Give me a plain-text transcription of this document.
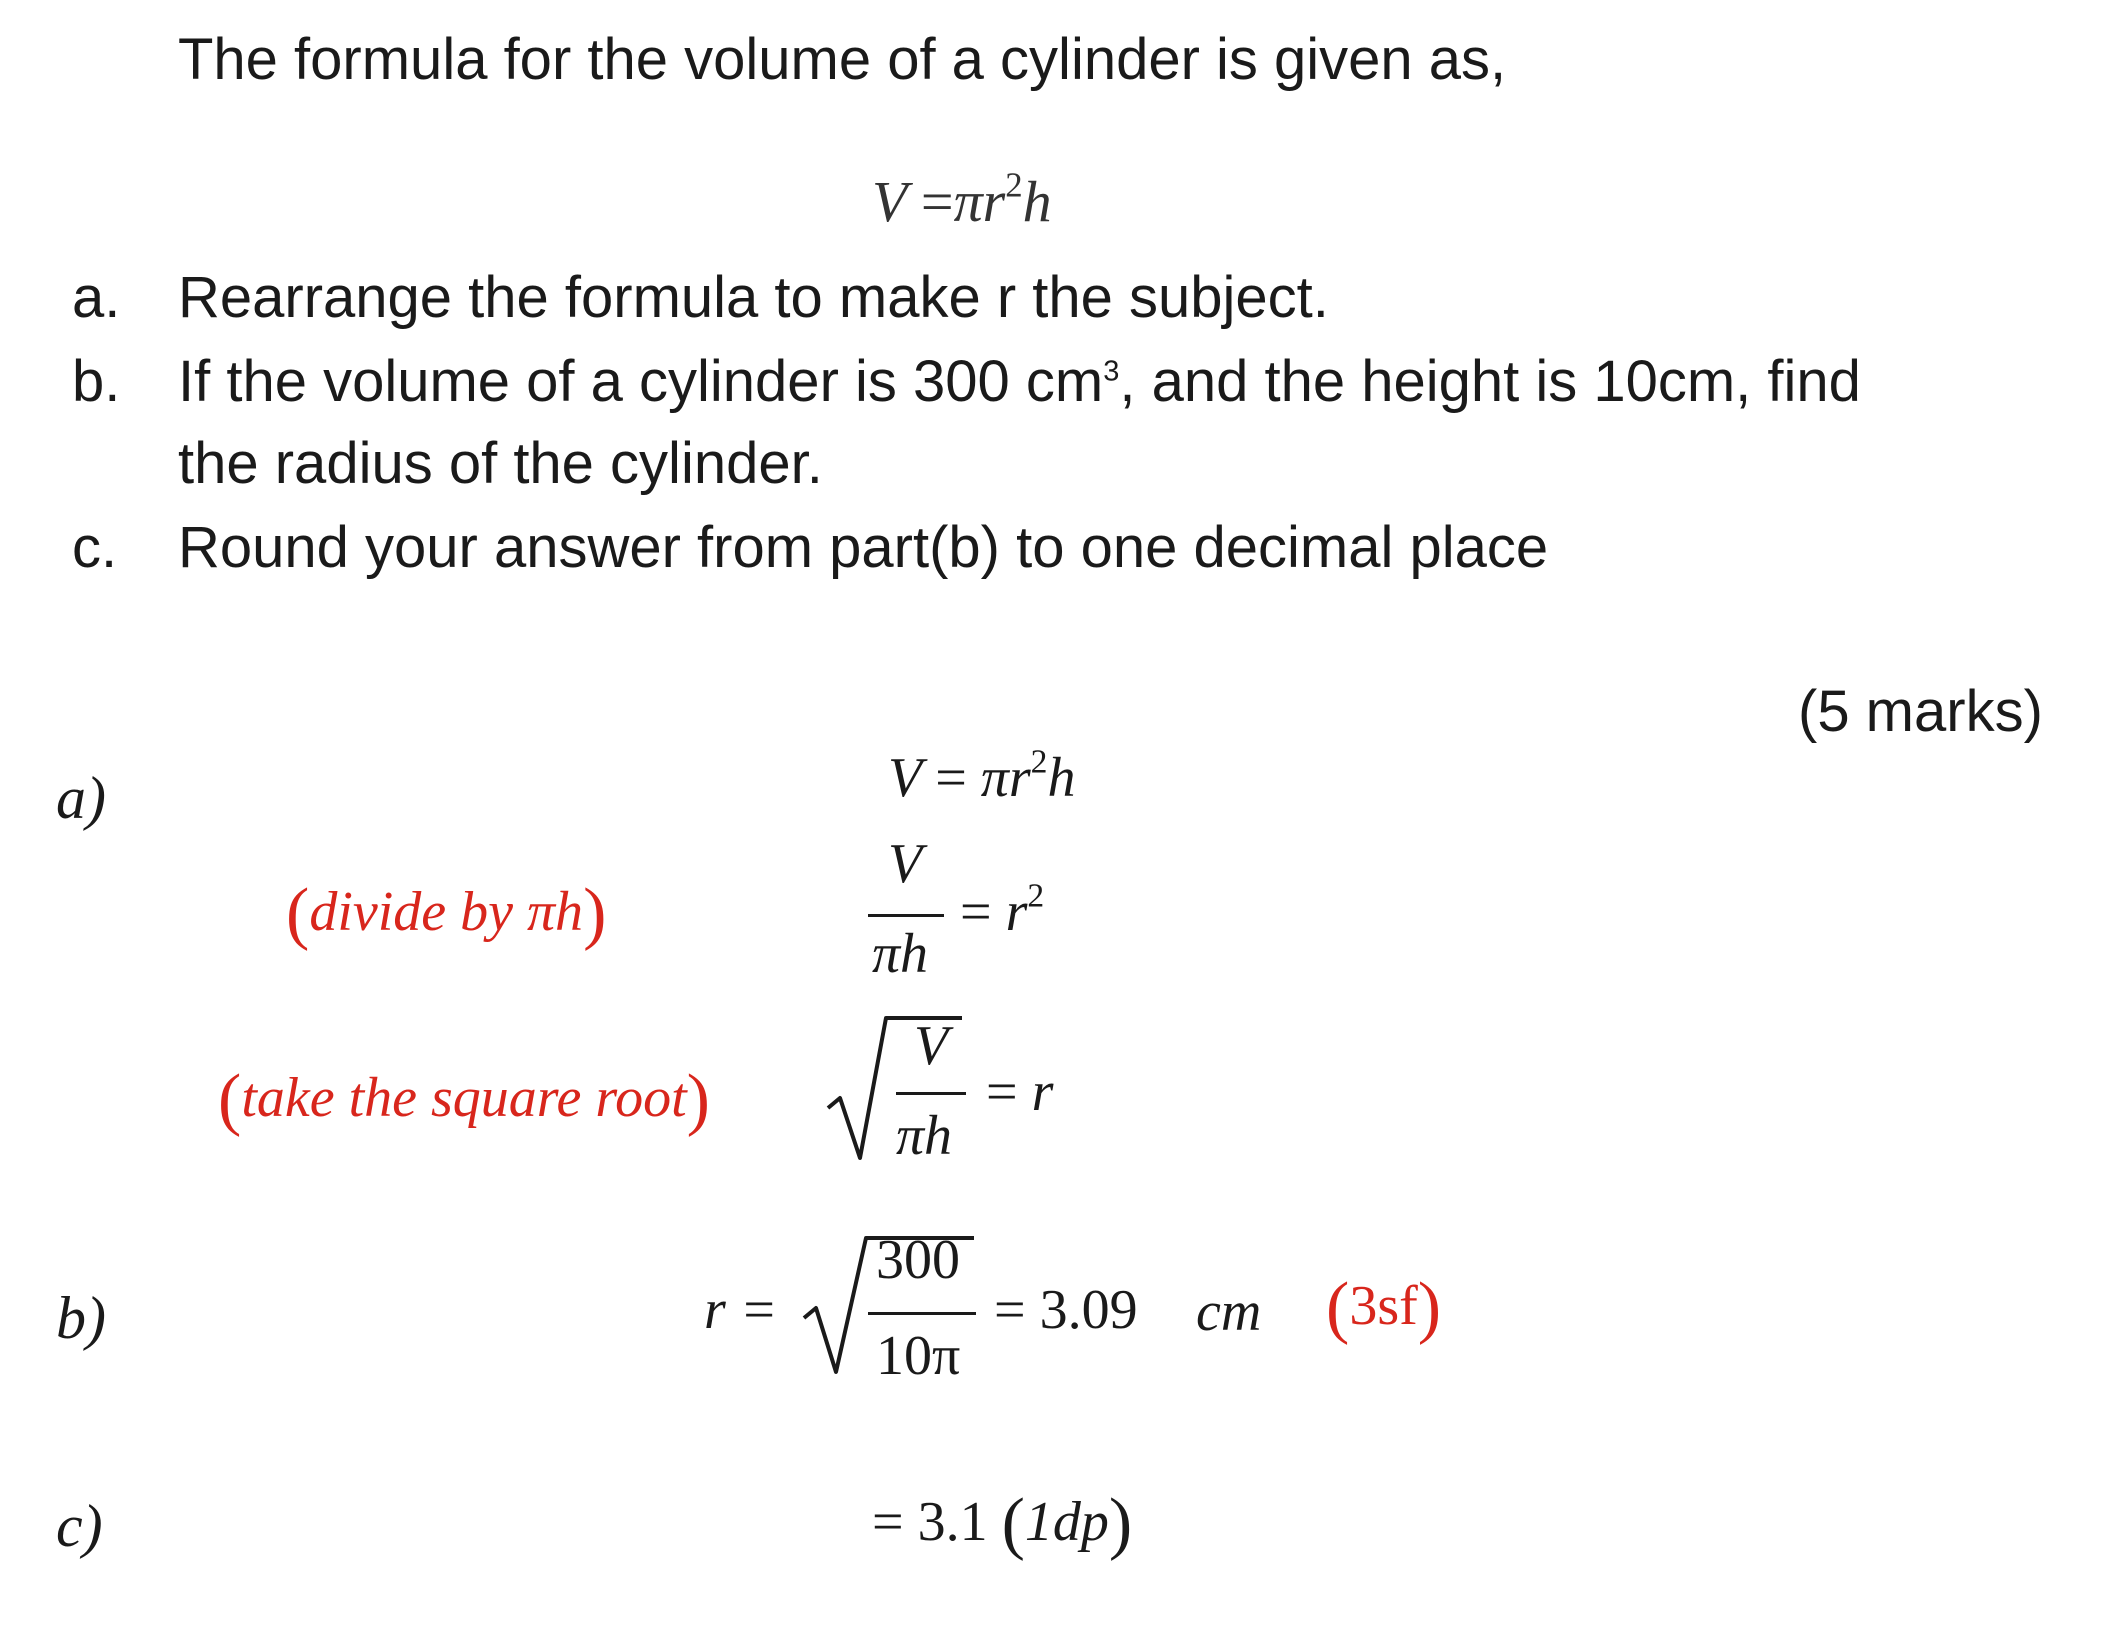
The formula for the volume of a cylinder is given as,
$V =\pi r^2h$
a. Rearrange the formula to make r the subject.
b. If the volume of a cylinder is 300 $cm^3$, and the height is 10cm, find
the radius of the cylinder.
c. Round your answer from part(b) to one decimal place
(5 marks)
a)	$V = \pi r^2h$
(divide by πh)
V
πh
= $r^2$
(take the square root)
V
πh
= r
b)	r =
300
10π
= 3.09 cm (3sf)
c)	= 3.1 (1dp)
